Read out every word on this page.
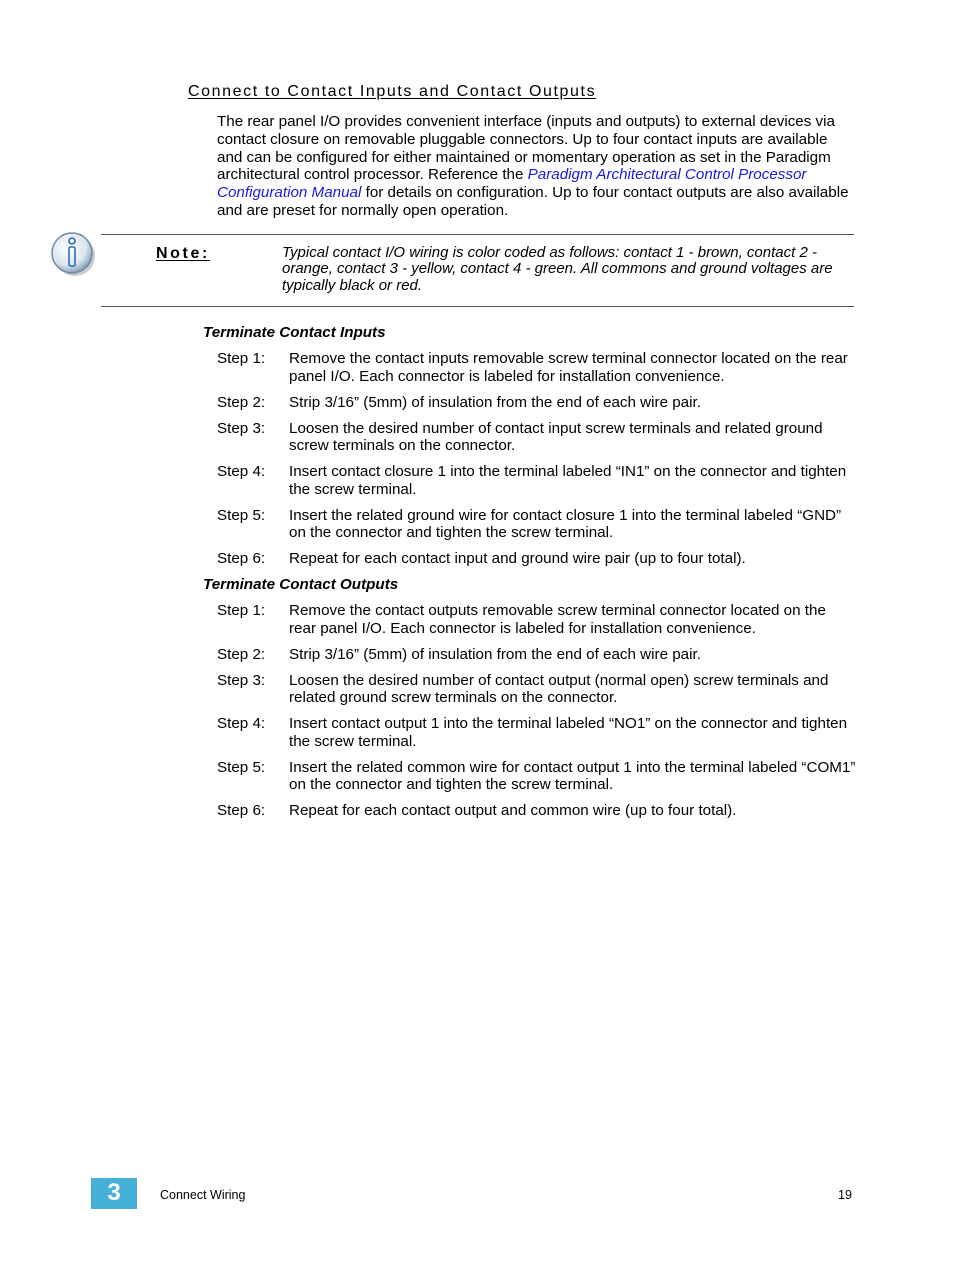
Connect to Contact Inputs and Contact Outputs

The rear panel I/O provides convenient interface (inputs and outputs) to external devices via contact closure on removable pluggable connectors. Up to four contact inputs are available and can be configured for either maintained or momentary operation as set in the Paradigm architectural control processor. Reference the Paradigm Architectural Control Processor Configuration Manual for details on configuration. Up to four contact outputs are also available and are preset for normally open operation.

Note:	Typical contact I/O wiring is color coded as follows: contact 1 - brown, contact 2 - orange, contact 3 - yellow, contact 4 - green. All commons and ground voltages are typically black or red.

Terminate Contact Inputs
Step 1:	Remove the contact inputs removable screw terminal connector located on the rear panel I/O. Each connector is labeled for installation convenience.
Step 2:	Strip 3/16” (5mm) of insulation from the end of each wire pair.
Step 3:	Loosen the desired number of contact input screw terminals and related ground screw terminals on the connector.
Step 4:	Insert contact closure 1 into the terminal labeled “IN1” on the connector and tighten the screw terminal.
Step 5:	Insert the related ground wire for contact closure 1 into the terminal labeled “GND” on the connector and tighten the screw terminal.
Step 6:	Repeat for each contact input and ground wire pair (up to four total).
Terminate Contact Outputs
Step 1:	Remove the contact outputs removable screw terminal connector located on the rear panel I/O. Each connector is labeled for installation convenience.
Step 2:	Strip 3/16” (5mm) of insulation from the end of each wire pair.
Step 3:	Loosen the desired number of contact output (normal open) screw terminals and related ground screw terminals on the connector.
Step 4:	Insert contact output 1 into the terminal labeled “NO1” on the connector and tighten the screw terminal.
Step 5:	Insert the related common wire for contact output 1 into the terminal labeled “COM1” on the connector and tighten the screw terminal.
Step 6:	Repeat for each contact output and common wire (up to four total).
3	Connect Wiring	19
